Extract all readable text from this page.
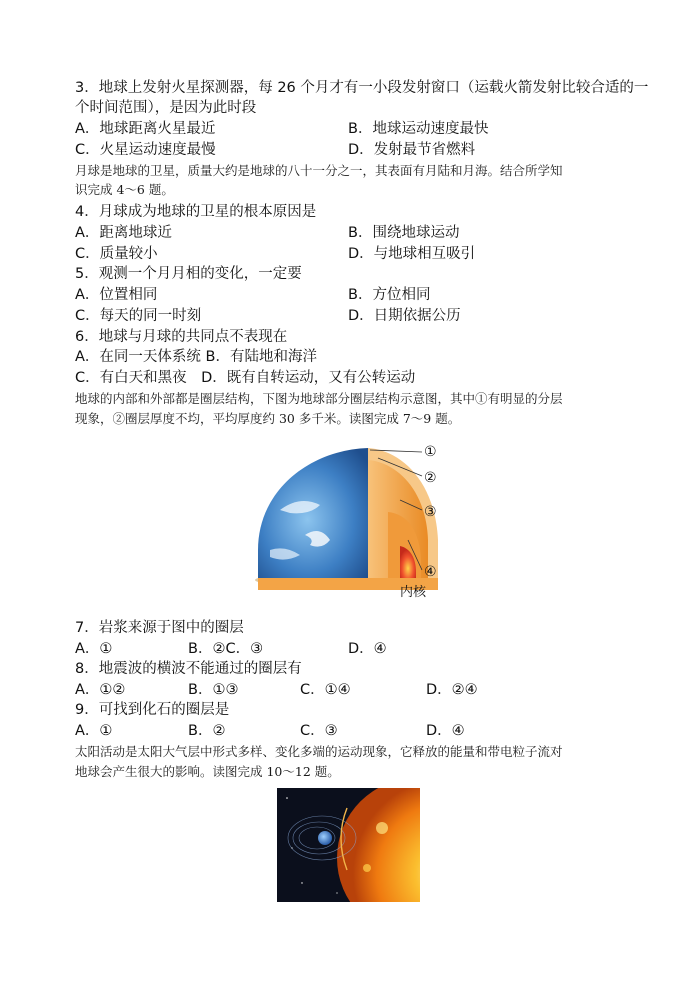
3．地球上发射火星探测器，每 26 个月才有一小段发射窗口（运载火箭发射比较合适的一
个时间范围），是因为此时段
A．地球距离火星最近	B．地球运动速度最快
C．火星运动速度最慢	D．发射最节省燃料
月球是地球的卫星，质量大约是地球的八十一分之一，其表面有月陆和月海。结合所学知
识完成 4～6 题。
4．月球成为地球的卫星的根本原因是
A．距离地球近	B．围绕地球运动
C．质量较小	D．与地球相互吸引
5．观测一个月月相的变化，一定要
A．位置相同	B．方位相同
C．每天的同一时刻	D．日期依据公历
6．地球与月球的共同点不表现在
A．在同一天体系统 B．有陆地和海洋
C．有白天和黑夜　D．既有自转运动，又有公转运动
地球的内部和外部都是圈层结构，下图为地球部分圈层结构示意图，其中①有明显的分层
现象，②圈层厚度不均，平均厚度约 30 多千米。读图完成 7～9 题。
①
②
③
④
内核
7．岩浆来源于图中的圈层
A．①	B．②C．③	D．④
8．地震波的横波不能通过的圈层有
A．①②	B．①③	C．①④	D．②④
9．可找到化石的圈层是
A．①	B．②	C．③	D．④
太阳活动是太阳大气层中形式多样、变化多端的运动现象，它释放的能量和带电粒子流对
地球会产生很大的影响。读图完成 10～12 题。
